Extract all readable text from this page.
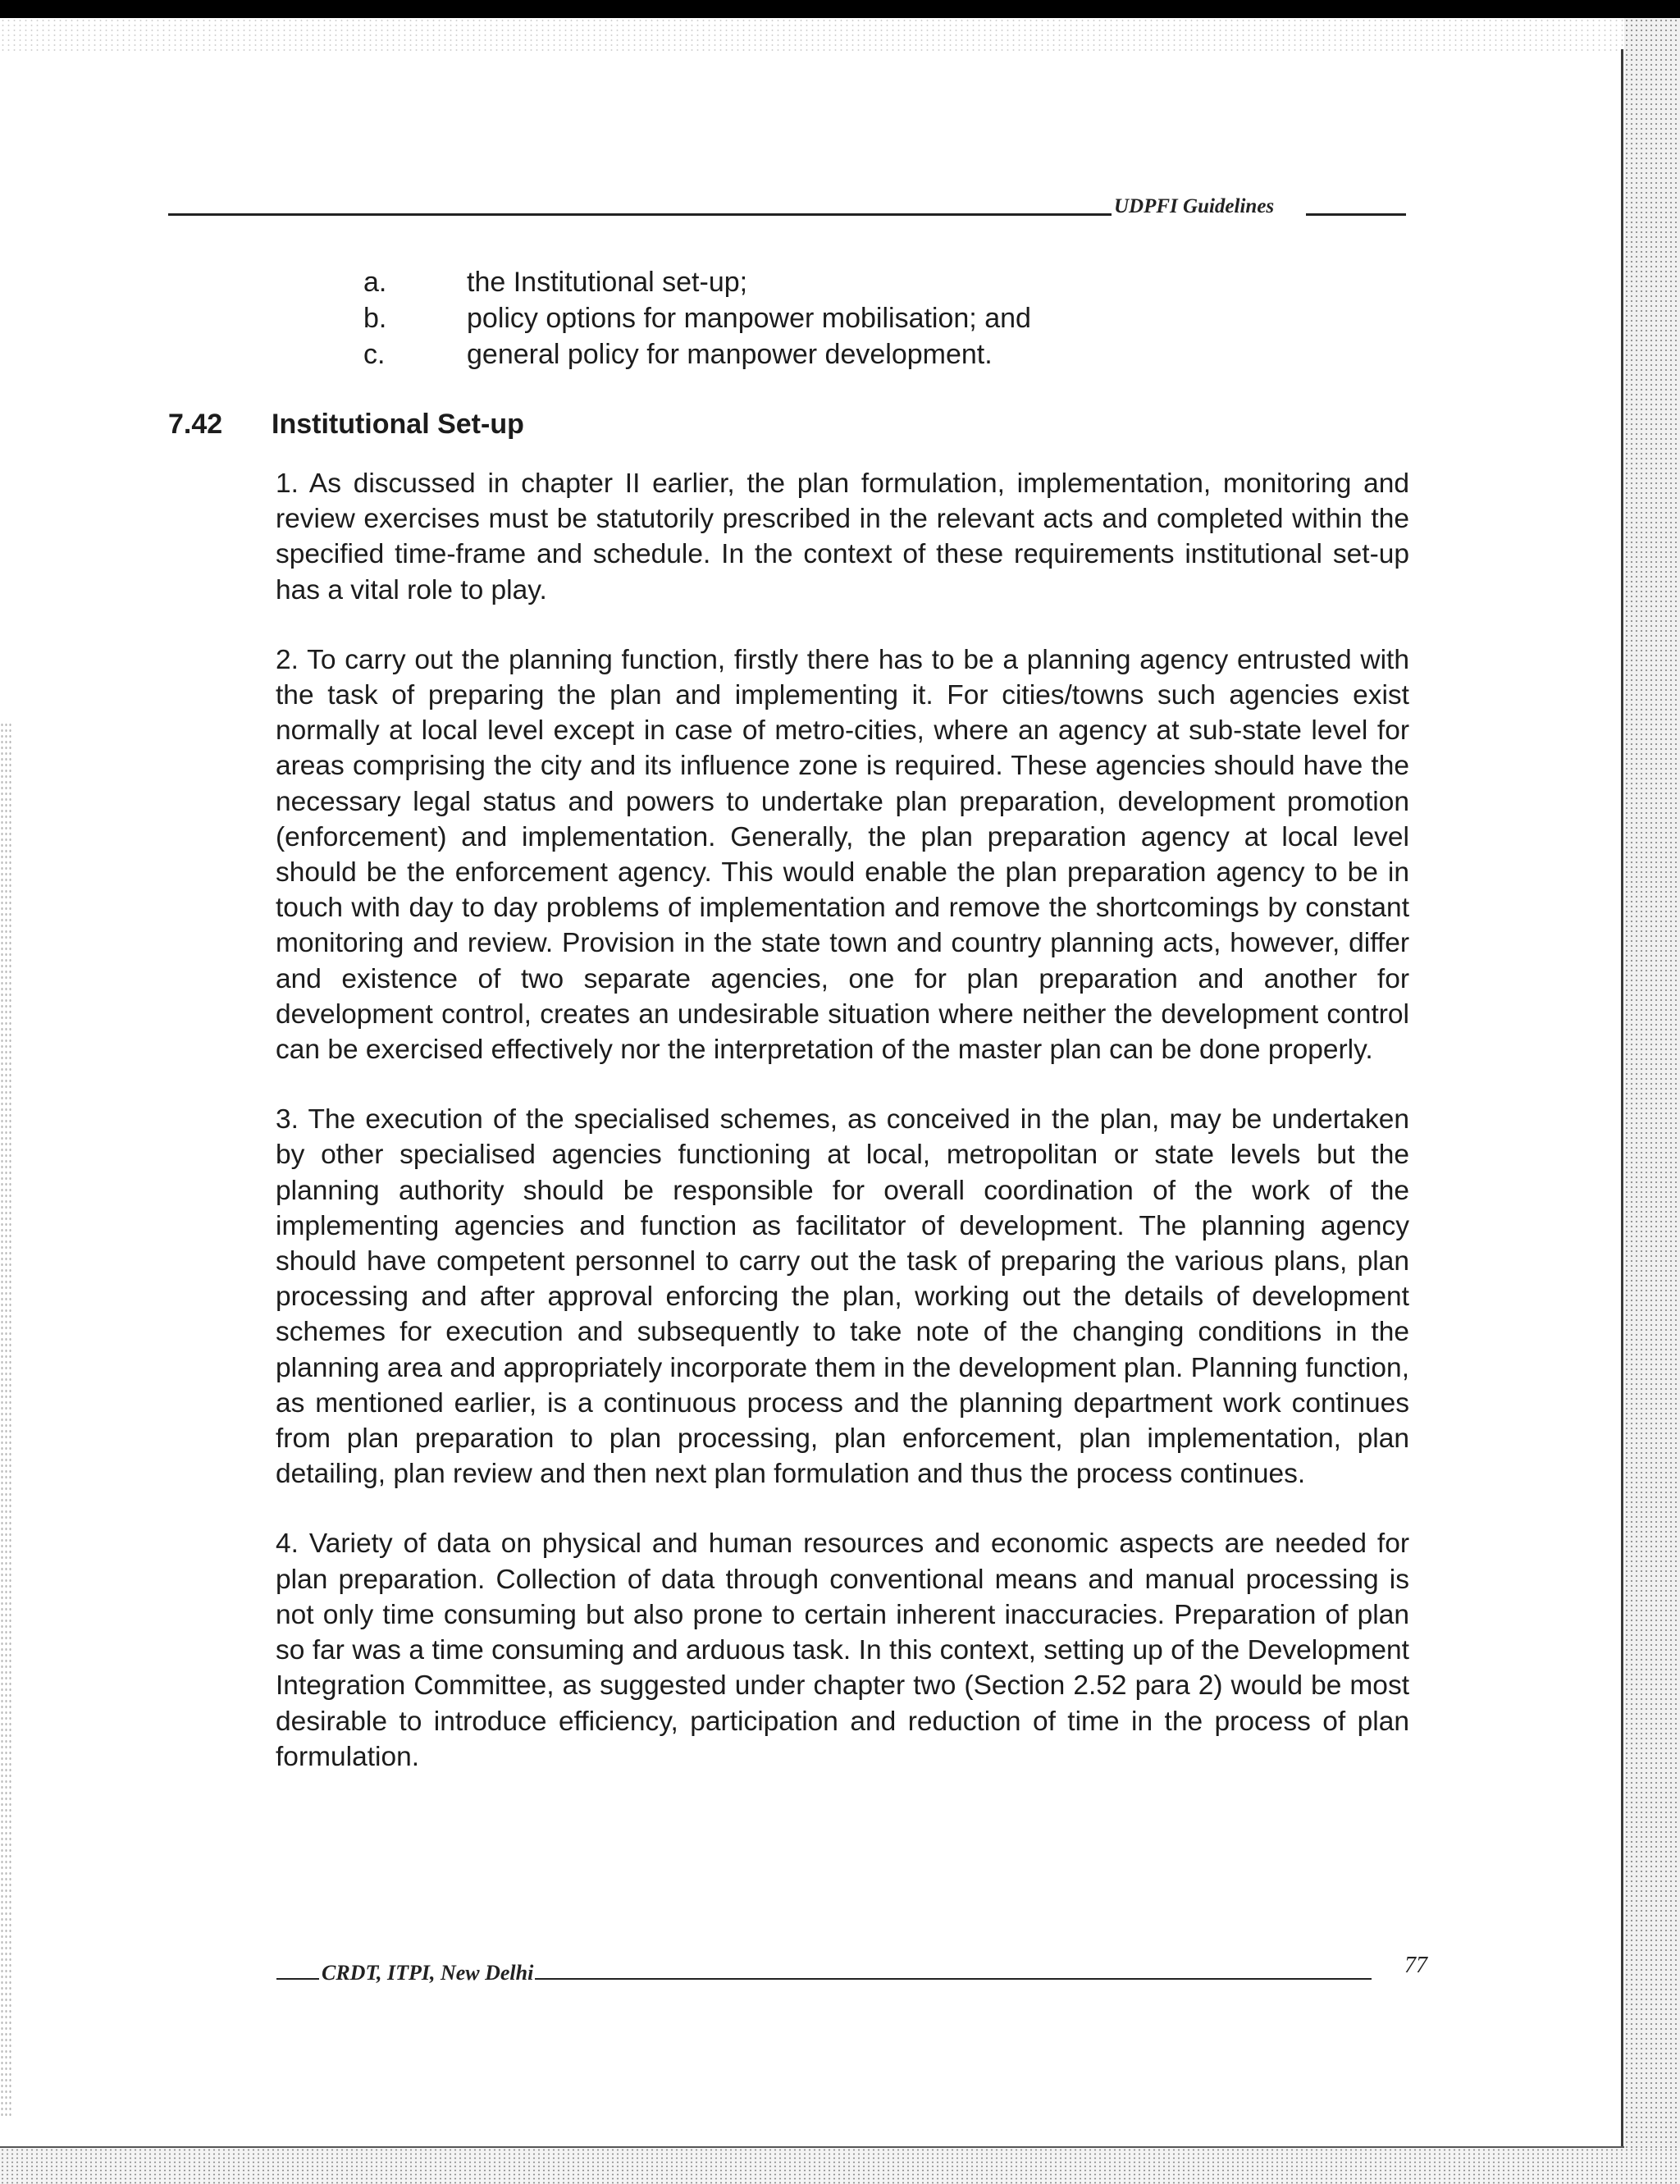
UDPFI Guidelines
a.	the Institutional set-up;
b.	policy options for manpower mobilisation; and
c.	general policy for manpower development.
7.42	Institutional Set-up

1. As discussed in chapter II earlier, the plan formulation, implementation, monitoring and review exercises must be statutorily prescribed in the relevant acts and completed within the specified time-frame and schedule. In the context of these requirements institutional set-up has a vital role to play.

2. To carry out the planning function, firstly there has to be a planning agency entrusted with the task of preparing the plan and implementing it. For cities/towns such agencies exist normally at local level except in case of metro-cities, where an agency at sub-state level for areas comprising the city and its influence zone is required. These agencies should have the necessary legal status and powers to undertake plan preparation, development promotion (enforcement) and implementation. Generally, the plan preparation agency at local level should be the enforcement agency. This would enable the plan preparation agency to be in touch with day to day problems of implementation and remove the shortcomings by constant monitoring and review. Provision in the state town and country planning acts, however, differ and existence of two separate agencies, one for plan preparation and another for development control, creates an undesirable situation where neither the development control can be exercised effectively nor the interpretation of the master plan can be done properly.

3. The execution of the specialised schemes, as conceived in the plan, may be undertaken by other specialised agencies functioning at local, metropolitan or state levels but the planning authority should be responsible for overall coordination of the work of the implementing agencies and function as facilitator of development. The planning agency should have competent personnel to carry out the task of preparing the various plans, plan processing and after approval enforcing the plan, working out the details of development schemes for execution and subsequently to take note of the changing conditions in the planning area and appropriately incorporate them in the development plan. Planning function, as mentioned earlier, is a continuous process and the planning department work continues from plan preparation to plan processing, plan enforcement, plan implementation, plan detailing, plan review and then next plan formulation and thus the process continues.

4. Variety of data on physical and human resources and economic aspects are needed for plan preparation. Collection of data through conventional means and manual processing is not only time consuming but also prone to certain inherent inaccuracies. Preparation of plan so far was a time consuming and arduous task. In this context, setting up of the Development Integration Committee, as suggested under chapter two (Section 2.52 para 2) would be most desirable to introduce efficiency, participation and reduction of time in the process of plan formulation.

CRDT, ITPI, New Delhi	77
